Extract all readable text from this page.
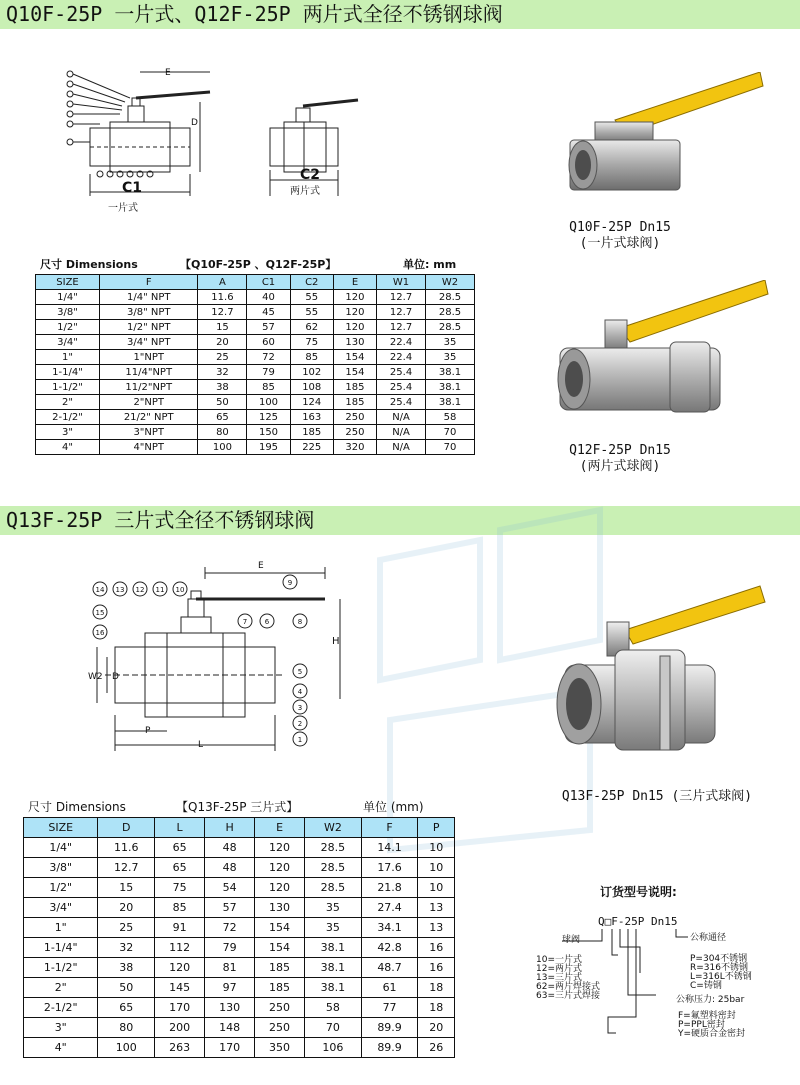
Q10F-25P 一片式、Q12F-25P 两片式全径不锈钢球阀
E
D
C1
一片式
C2
两片式
Q10F-25P Dn15
(一片式球阀)
Q12F-25P Dn15
(两片式球阀)
尺寸 Dimensions	【Q10F-25P 、Q12F-25P】	单位: mm
SIZE	F	A	C1	C2	E	W1	W2
1/4"	1/4" NPT	11.6	40	55	120	12.7	28.5
3/8"	3/8" NPT	12.7	45	55	120	12.7	28.5
1/2"	1/2" NPT	15	57	62	120	12.7	28.5
3/4"	3/4" NPT	20	60	75	130	22.4	35
1"	1"NPT	25	72	85	154	22.4	35
1-1/4"	11/4"NPT	32	79	102	154	25.4	38.1
1-1/2"	11/2"NPT	38	85	108	185	25.4	38.1
2"	2"NPT	50	100	124	185	25.4	38.1
2-1/2"	21/2" NPT	65	125	163	250	N/A	58
3"	3"NPT	80	150	185	250	N/A	70
4"	4"NPT	100	195	225	320	N/A	70
Q13F-25P 三片式全径不锈钢球阀
14 13 12 11 10
15
16
7	6
9
8
5
4
3
2
1
E
H
D
W2
P
L
Q13F-25P Dn15 (三片式球阀)
尺寸 Dimensions	【Q13F-25P 三片式】	单位 (mm)
SIZE	D	L	H	E	W2	F	P
1/4"	11.6	65	48	120	28.5	14.1	10
3/8"	12.7	65	48	120	28.5	17.6	10
1/2"	15	75	54	120	28.5	21.8	10
3/4"	20	85	57	130	35	27.4	13
1"	25	91	72	154	35	34.1	13
1-1/4"	32	112	79	154	38.1	42.8	16
1-1/2"	38	120	81	185	38.1	48.7	16
2"	50	145	97	185	38.1	61	18
2-1/2"	65	170	130	250	58	77	18
3"	80	200	148	250	70	89.9	20
4"	100	263	170	350	106	89.9	26
订货型号说明:
Q□F-25P Dn15
球阀	公称通径
10=一片式
12=两片式
13=三片式
62=两片焊接式
63=三片式焊接
P=304不锈钢
R=316不锈钢
L=316L不锈钢
C=铸钢
公称压力: 25bar
F=氟塑料密封
P=PPL密封
Y=硬质合金密封
